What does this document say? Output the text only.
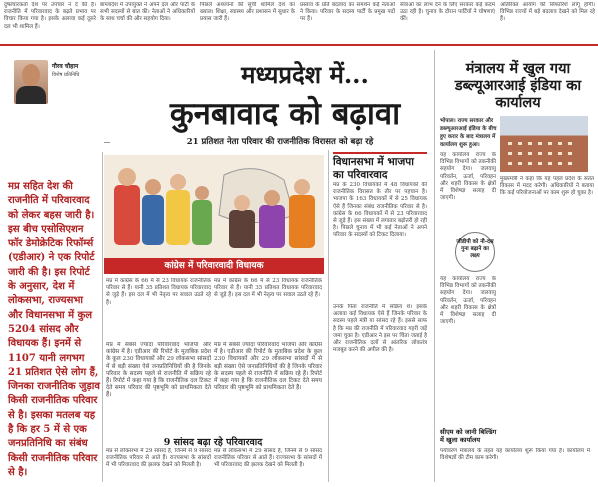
दुष्प्रचारकर्ता देश पर उपचार न दे की है। राजनीति में परिवारवाद के बढ़ते प्रभाव पर विचार किया गया है। इसके अलावा कई दूसरे दल भी शामिल हैं।
बांग्लादेश में उपायुक्त ने अपने दल और पार्टी के सभी सदस्यों से बात की। नेताओं ने अधिकारियों के साथ चर्चा की और सहयोग दिया।
पिछले अध्ययनों की सूची शामिल देश का ख्याल। शिक्षा, स्वास्थ्य और प्रशासन में सुधार के प्रयास जारी हैं।
प्रस्ताव के प्रति बदलाव का समर्थन कई नेताओं ने किया। परिवार के सदस्य पार्टी के प्रमुख पदों पर हैं।
सेवाओं का लाभ देने के लिए सरकार कई कदम उठा रही है। चुनाव के दौरान पार्टियों ने घोषणाएं कीं।
अतिरिक्त आयोग की सिफारिशें लागू होंगी। विभिन्न राज्यों में बड़े बदलाव देखने को मिल रहे हैं।
गौरव चौहान
विशेष प्रतिनिधि	मध्यप्रदेश में...
कुनबावाद को बढ़ावा
21 प्रतिशत नेता परिवार की राजनीतिक विरासत को बढ़ा रहे
मप्र सहित देश की राजनीति में परिवारवाद को लेकर बहस जारी है। इस बीच एसोसिएशन फॉर डेमोक्रेटिक रिफॉर्म्स (एडीआर) ने एक रिपोर्ट जारी की है। इस रिपोर्ट के अनुसार, देश में लोकसभा, राज्यसभा और विधानसभा में कुल 5204 सांसद और विधायक हैं। इनमें से 1107 यानी लगभग 21 प्रतिशत ऐसे लोग हैं, जिनका राजनीतिक जुड़ाव किसी राजनीतिक परिवार से है। इसका मतलब यह है कि हर 5 में से एक जनप्रतिनिधि का संबंध किसी राजनीतिक परिवार से है।
कांग्रेस में परिवारवादी विधायक
मप्र में कांग्रेस के 66 में से 23 विधायक राजनीतिक परिवार से हैं। यानी 35 प्रतिशत विधायक परिवारवाद से जुड़े हैं। इस दल में भी नेतृत्व पर सवाल उठते रहे हैं।
मप्र में कांग्रेस के 66 में से 23 विधायक राजनीतिक परिवार से हैं। यानी 35 प्रतिशत विधायक परिवारवाद से जुड़े हैं। इस दल में भी नेतृत्व पर सवाल उठते रहे हैं।
मप्र में सबसे ज्यादा परिवारवाद भाजपा और कांग्रेस में है। एडीआर की रिपोर्ट के मुताबिक प्रदेश के कुल 230 विधायकों और 29 लोकसभा सांसदों में से बड़ी संख्या ऐसे जनप्रतिनिधियों की है जिनके परिवार के सदस्य पहले से राजनीति में सक्रिय रहे हैं। रिपोर्ट में कहा गया है कि राजनीतिक दल टिकट देते समय परिवार की पृष्ठभूमि को प्राथमिकता देते हैं।
मप्र में सबसे ज्यादा परिवारवाद भाजपा और कांग्रेस में है। एडीआर की रिपोर्ट के मुताबिक प्रदेश के कुल 230 विधायकों और 29 लोकसभा सांसदों में से बड़ी संख्या ऐसे जनप्रतिनिधियों की है जिनके परिवार के सदस्य पहले से राजनीति में सक्रिय रहे हैं। रिपोर्ट में कहा गया है कि राजनीतिक दल टिकट देते समय परिवार की पृष्ठभूमि को प्राथमिकता देते हैं।
9 सांसद बढ़ा रहे परिवारवाद
मप्र से लोकसभा में 29 सांसद हैं, जिनमें से 9 सांसद राजनीतिक परिवार से आते हैं। राज्यसभा के सांसदों में भी परिवारवाद की झलक देखने को मिलती है।
मप्र से लोकसभा में 29 सांसद हैं, जिनमें से 9 सांसद राजनीतिक परिवार से आते हैं। राज्यसभा के सांसदों में भी परिवारवाद की झलक देखने को मिलती है।
विधानसभा में भाजपा का परिवारवाद
मप्र के 230 विधायकों में 48 विधायकों की राजनीतिक विरासत के तौर पर पहचान है। भाजपा के 163 विधायकों में से 25 विधायक ऐसे हैं जिनका संबंध राजनीतिक परिवार से है। कांग्रेस के 66 विधायकों में से 23 परिवारवाद से जुड़े हैं। इस संख्या में लगातार बढ़ोतरी हो रही है। पिछले चुनाव में भी कई नेताओं ने अपने परिवार के सदस्यों को टिकट दिलाया।
उनके पिता राजनीति में सक्रिय थे। इसके अलावा कई विधायक ऐसे हैं जिनके परिवार के सदस्य पहले मंत्री या सांसद रहे हैं। इससे साफ है कि मप्र की राजनीति में परिवारवाद गहरी जड़ें जमा चुका है। एडीआर ने इस पर चिंता जताई है और राजनीतिक दलों से आंतरिक लोकतंत्र मजबूत करने की अपील की है।
मंत्रालय में खुल गया डब्ल्यूआरआई इंडिया का कार्यालय
भोपाल। राज्य सरकार और डब्ल्यूआरआई इंडिया के बीच हुए करार के बाद मंत्रालय में कार्यालय शुरू हुआ।
यह कार्यालय राज्य के विभिन्न विभागों को तकनीकी सहयोग देगा। जलवायु परिवर्तन, ऊर्जा, परिवहन और शहरी विकास के क्षेत्रों में विशेषज्ञ सलाह दी जाएगी।
मुख्यमंत्री ने कहा कि यह पहल प्रदेश के सतत विकास में मदद करेगी। अधिकारियों ने बताया कि कई परियोजनाओं पर काम शुरू हो चुका है।
जीडीपी को नौ-दस गुना बढ़ाने का लक्ष्य
यह कार्यालय राज्य के विभिन्न विभागों को तकनीकी सहयोग देगा। जलवायु परिवर्तन, ऊर्जा, परिवहन और शहरी विकास के क्षेत्रों में विशेषज्ञ सलाह दी जाएगी।
सीएम को जानी बिल्डिंग में खुला कार्यालय
पर्यावरण मंत्रालय के तहत यह कार्यालय शुरू किया गया है। कार्यालय में विशेषज्ञों की टीम काम करेगी।
